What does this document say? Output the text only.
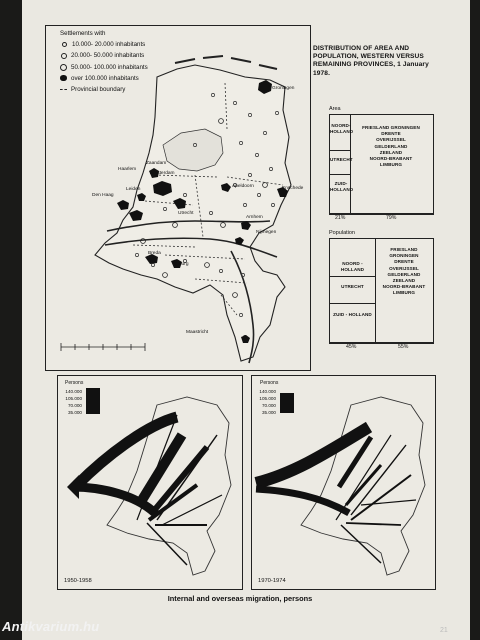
Settlements with
10.000- 20.000 inhabitants
20.000- 50.000 inhabitants
50.000- 100.000 inhabitants
over 100.000 inhabitants
Provincial boundary	Groningen
Zaandam
Amsterdam
Haarlem
Den Haag
Leiden
Utrecht
Apeldoorn	Enschede
Arnhem
Nijmegen
Breda
Tilburg
Maastricht
DISTRIBUTION OF AREA AND POPULATION, WESTERN VERSUS REMAINING PROVINCES, 1 January 1978.
Area
NOORD-
HOLLAND
UTRECHT
ZUID-
HOLLAND
FRIESLAND GRONINGEN
DRENTE
OVERIJSSEL
GELDERLAND
ZEELAND
NOORD-BRABANT
LIMBURG
21%	79%
Population
NOORD - HOLLAND
UTRECHT
ZUID - HOLLAND
FRIESLAND
GRONINGEN
DRENTE
OVERIJSSEL
GELDERLAND
ZEELAND
NOORD-BRABANT
LIMBURG
45%	55%
Persons
140.000
105.000
70.000
35.000
1950-1958
Persons
140.000
105.000
70.000
35.000
1970-1974
Internal and overseas migration, persons
Antikvarium.hu	21
